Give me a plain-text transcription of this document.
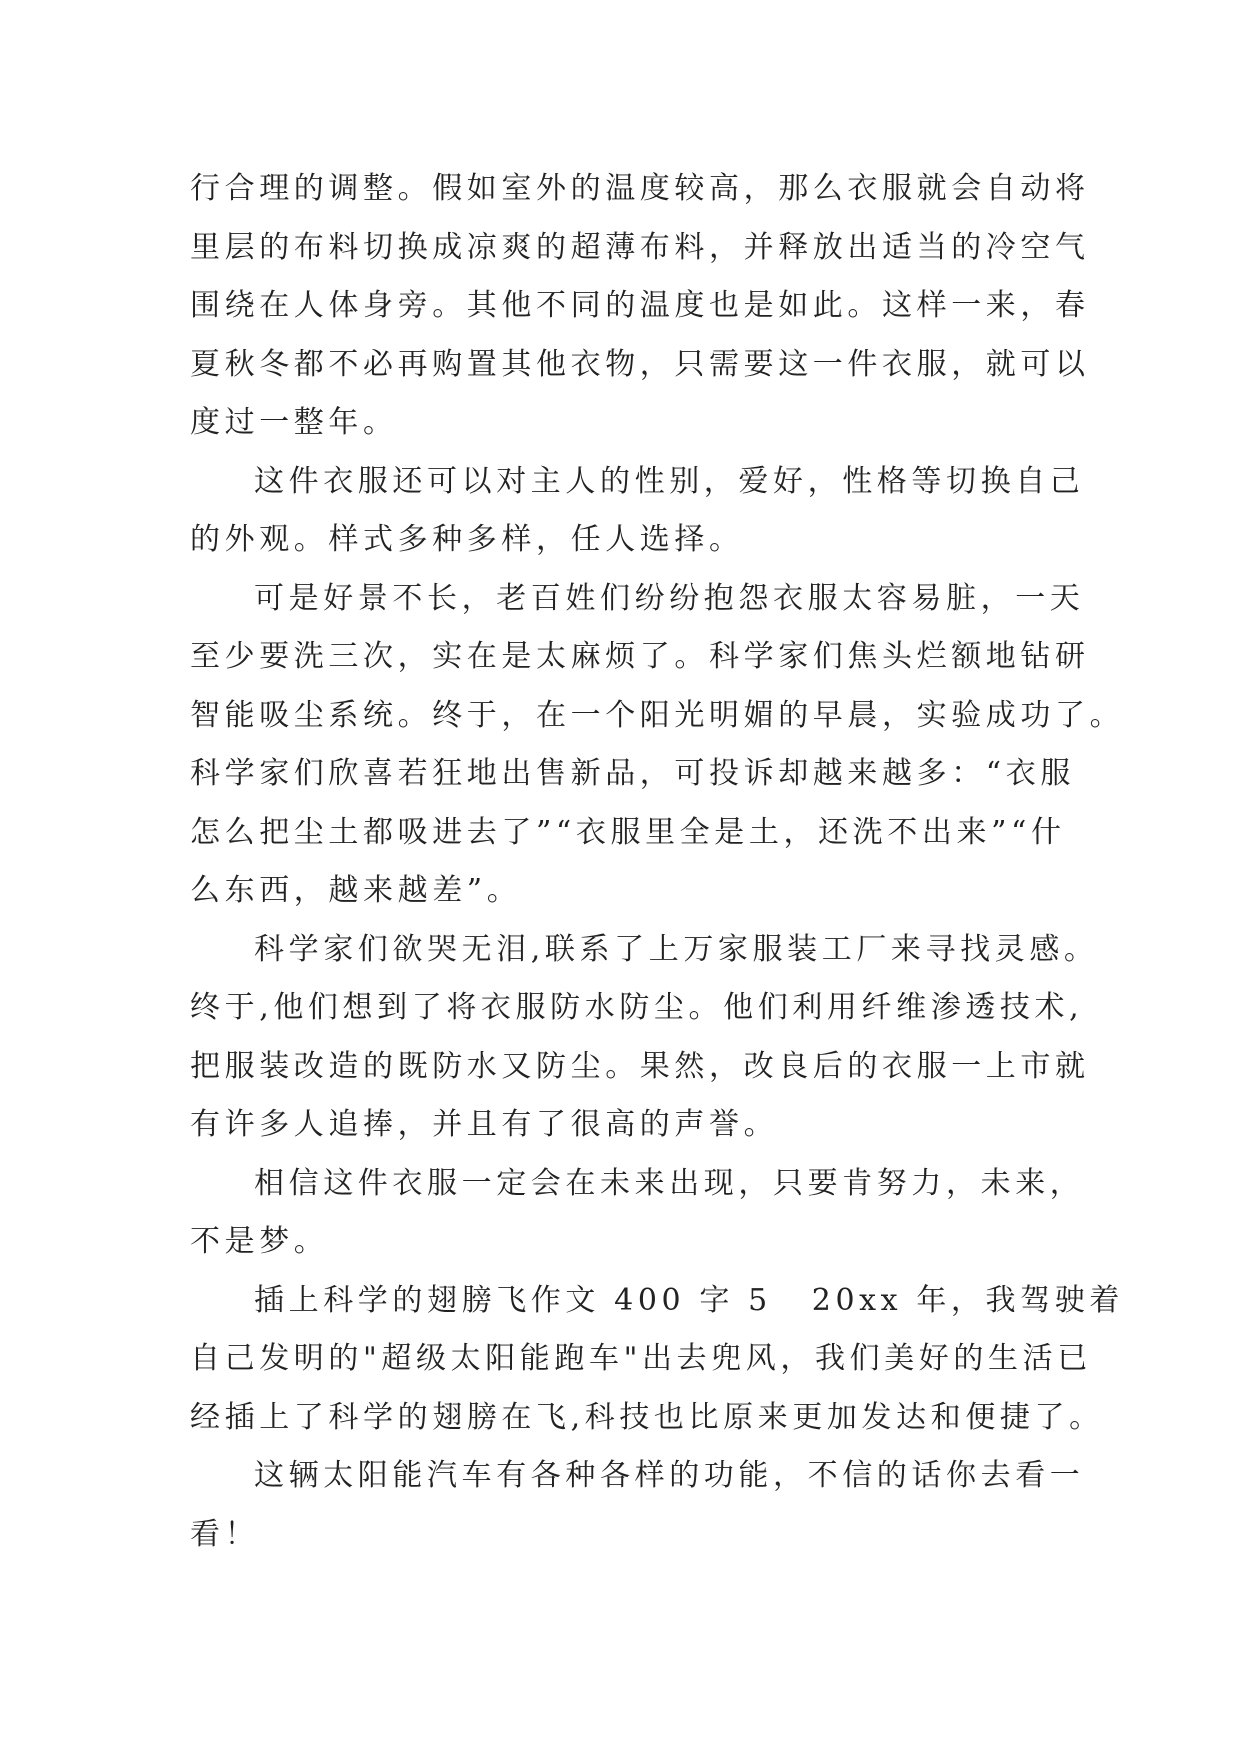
行合理的调整。假如室外的温度较高，那么衣服就会自动将
里层的布料切换成凉爽的超薄布料，并释放出适当的冷空气
围绕在人体身旁。其他不同的温度也是如此。这样一来，春
夏秋冬都不必再购置其他衣物，只需要这一件衣服，就可以
度过一整年。
这件衣服还可以对主人的性别，爱好，性格等切换自己
的外观。样式多种多样，任人选择。
可是好景不长，老百姓们纷纷抱怨衣服太容易脏，一天
至少要洗三次，实在是太麻烦了。科学家们焦头烂额地钻研
智能吸尘系统。终于，在一个阳光明媚的早晨，实验成功了。
科学家们欣喜若狂地出售新品，可投诉却越来越多：“衣服
怎么把尘土都吸进去了”“衣服里全是土，还洗不出来”“什
么东西，越来越差”。
科学家们欲哭无泪,联系了上万家服装工厂来寻找灵感。
终于,他们想到了将衣服防水防尘。他们利用纤维渗透技术,
把服装改造的既防水又防尘。果然，改良后的衣服一上市就
有许多人追捧，并且有了很高的声誉。
相信这件衣服一定会在未来出现，只要肯努力，未来，
不是梦。
插上科学的翅膀飞作文 400 字 5 20xx 年，我驾驶着
自己发明的"超级太阳能跑车"出去兜风，我们美好的生活已
经插上了科学的翅膀在飞,科技也比原来更加发达和便捷了。
这辆太阳能汽车有各种各样的功能，不信的话你去看一
看！
